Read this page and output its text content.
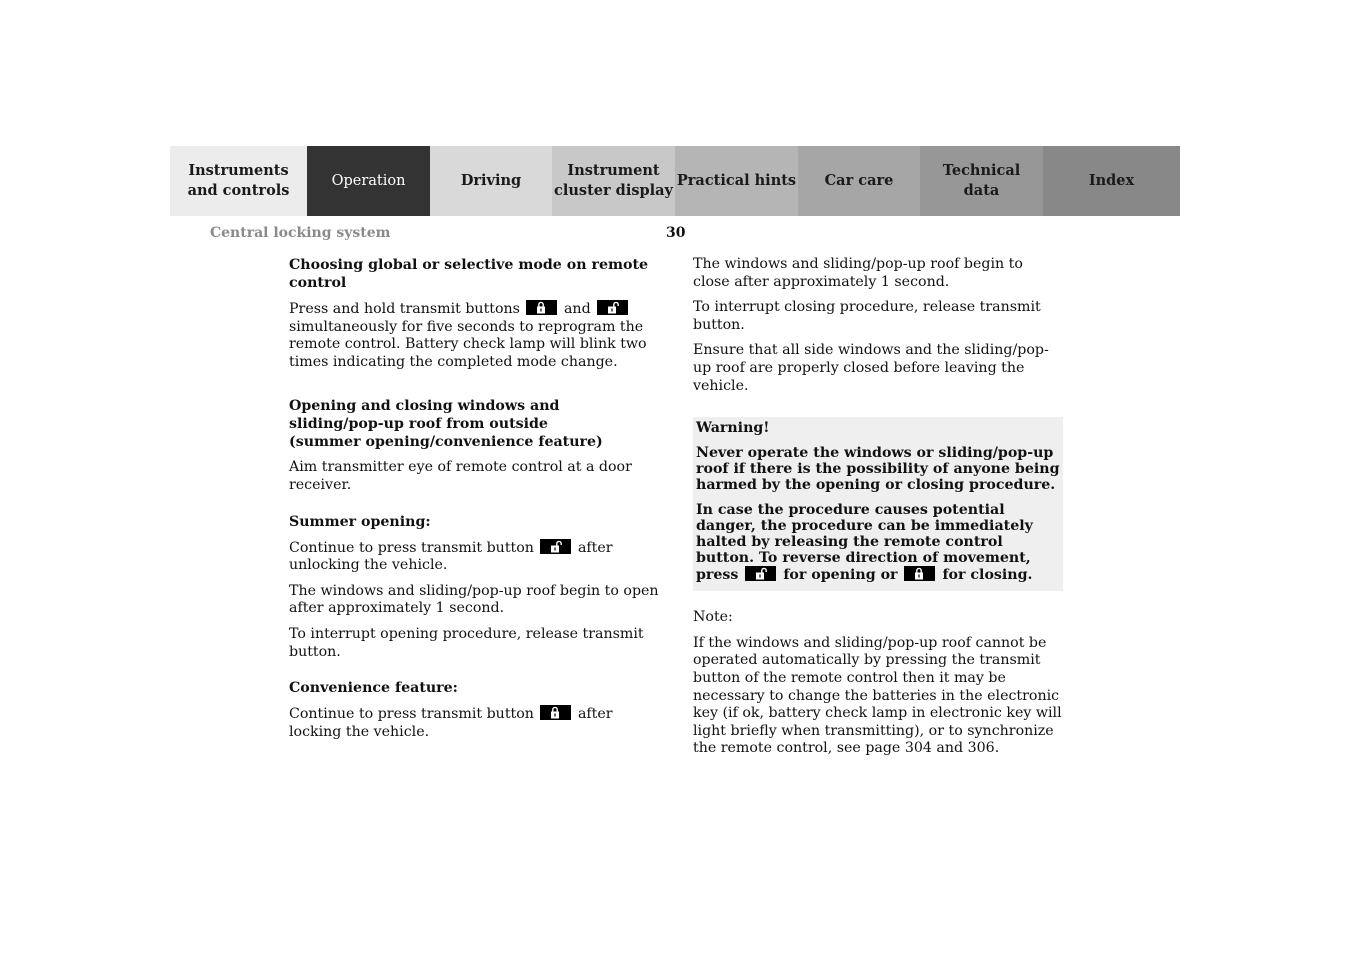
Instruments
and controls
Operation	Driving
Instrument
cluster display
Practical hints	Car care
Technical
data
Index
Central locking system	30
Choosing global or selective mode on remote control

Press and hold transmit buttons	and
simultaneously for five seconds to reprogram the remote control. Battery check lamp will blink two times indicating the completed mode change.

Opening and closing windows and
sliding/pop-up roof from outside
(summer opening/convenience feature)

Aim transmitter eye of remote control at a door receiver.

Summer opening:

Continue to press transmit button	after unlocking the vehicle.

The windows and sliding/pop-up roof begin to open after approximately 1 second.

To interrupt opening procedure, release transmit button.

Convenience feature:

Continue to press transmit button	after locking the vehicle.

The windows and sliding/pop-up roof begin to close after approximately 1 second.

To interrupt closing procedure, release transmit button.

Ensure that all side windows and the sliding/pop-up roof are properly closed before leaving the vehicle.

Warning!

Never operate the windows or sliding/pop-up roof if there is the possibility of anyone being harmed by the opening or closing procedure.

In case the procedure causes potential danger, the procedure can be immediately halted by releasing the remote control button. To reverse direction of movement, press	for opening or	for closing.

Note:

If the windows and sliding/pop-up roof cannot be operated automatically by pressing the transmit button of the remote control then it may be necessary to change the batteries in the electronic key (if ok, battery check lamp in electronic key will light briefly when transmitting), or to synchronize the remote control, see page 304 and 306.
